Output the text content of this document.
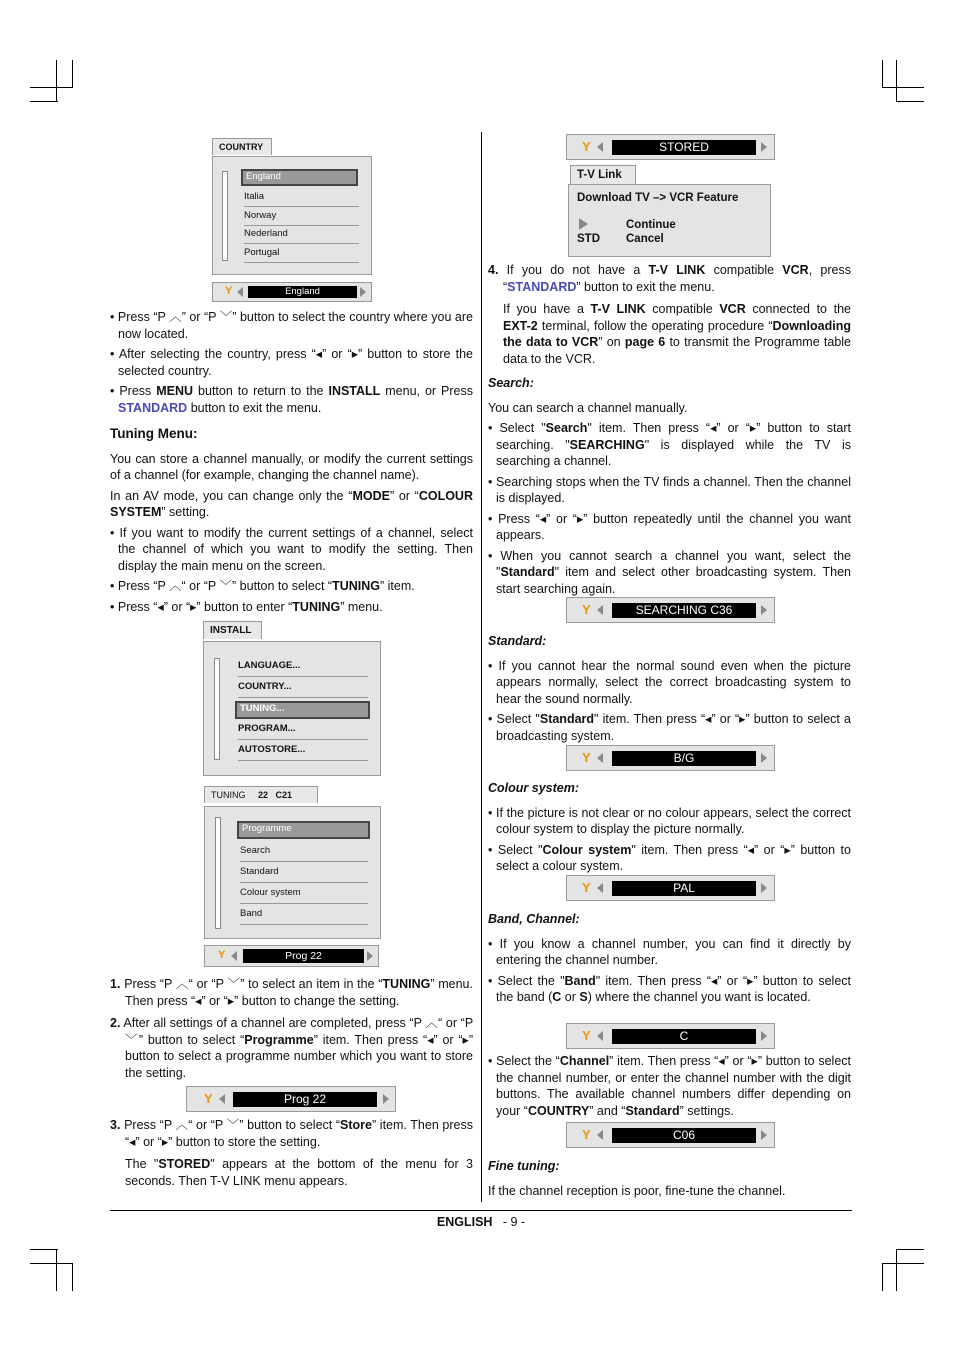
COUNTRY
England
Italia
Norway
Nederland
Portugal
Y	England

• Press “P ︿” or “P ﹀” button to select the country where you are now located.

• After selecting the country, press “◂” or “▸” button to store the selected country.

• Press MENU button to return to the INSTALL menu, or Press STANDARD button to exit the menu.

Tuning Menu:

You can store a channel manually, or modify the current settings of a channel (for example, changing the channel name).

In an AV mode, you can change only the “MODE” or “COLOUR SYSTEM” setting.

• If you want to modify the current settings of a channel, select the channel of which you want to modify the setting. Then display the main menu on the screen.

• Press “P ︿“ or “P ﹀” button to select “TUNING” item.

• Press “◂” or “▸” button to enter “TUNING” menu.

INSTALL
LANGUAGE...
COUNTRY...
TUNING...
PROGRAM...
AUTOSTORE...
TUNING 22 C21
Programme
Search
Standard
Colour system
Band
Y	Prog 22

1. Press “P ︿“ or “P ﹀” to select an item in the “TUNING” menu. Then press “◂” or “▸” button to change the setting.

2. After all settings of a channel are completed, press “P ︿“ or “P ﹀” button to select “Programme” item. Then press “◂” or “▸” button to select a programme number which you want to store the setting.

Y	Prog 22

3. Press “P ︿“ or “P ﹀” button to select “Store” item. Then press “◂” or “▸” button to store the setting.

The "STORED" appears at the bottom of the menu for 3 seconds. Then T-V LINK menu appears.

Y	STORED
T-V Link
Download TV –> VCR Feature
Continue
STD Cancel

4. If you do not have a T-V LINK compatible VCR, press “STANDARD” button to exit the menu.

If you have a T-V LINK compatible VCR connected to the EXT-2 terminal, follow the operating procedure “Downloading the data to VCR” on page 6 to transmit the Programme table data to the VCR.

Search:

You can search a channel manually.

• Select "Search" item. Then press “◂” or “▸” button to start searching. "SEARCHING" is displayed while the TV is searching a channel.

• Searching stops when the TV finds a channel. Then the channel is displayed.

• Press “◂” or “▸” button repeatedly until the channel you want appears.

• When you cannot search a channel you want, select the "Standard" item and select other broadcasting system. Then start searching again.

Y	SEARCHING C36

Standard:

• If you cannot hear the normal sound even when the picture appears normally, select the correct broadcasting system to hear the sound normally.

• Select "Standard" item. Then press “◂” or “▸” button to select a broadcasting system.

Y	B/G

Colour system:

• If the picture is not clear or no colour appears, select the correct colour system to display the picture normally.

• Select "Colour system" item. Then press “◂” or “▸” button to select a colour system.

Y	PAL

Band, Channel:

• If you know a channel number, you can find it directly by entering the channel number.

• Select the "Band" item. Then press “◂” or “▸” button to select the band (C or S) where the channel you want is located.

Y	C

• Select the “Channel” item. Then press “◂” or “▸” button to select the channel number, or enter the channel number with the digit buttons. The available channel numbers differ depending on your “COUNTRY” and “Standard” settings.

Y	C06

Fine tuning:

If the channel reception is poor, fine-tune the channel.

ENGLISH - 9 -
